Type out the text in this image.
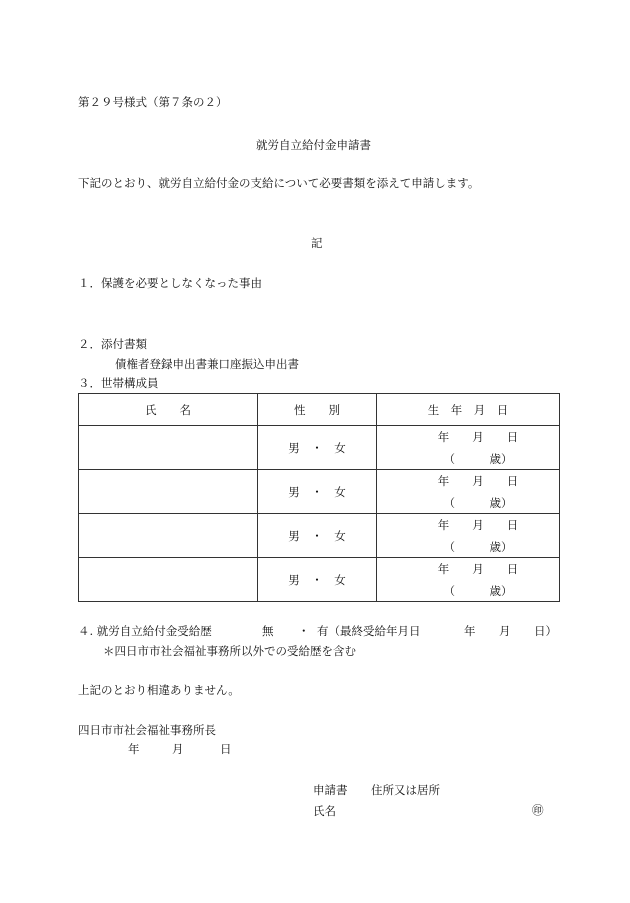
第２９号様式（第７条の２）
就労自立給付金申請書
下記のとおり、就労自立給付金の支給について必要書類を添えて申請します。
記
１．保護を必要としなくなった事由
２．添付書類
債権者登録申出書兼口座振込申出書
３．世帯構成員
氏　　名	性　　別	生　年　月　日
	男　・　女	年　　月　　日
（　　　歳）

	男　・　女	年　　月　　日
（　　　歳）

	男　・　女	年　　月　　日
（　　　歳）

	男　・　女	年　　月　　日
（　　　歳）
４. 就労自立給付金受給歴	無 ・ 有（最終受給年月日	年 月 日）
＊四日市市社会福祉事務所以外での受給歴を含む
上記のとおり相違ありません。
四日市市社会福祉事務所長
年	月	日
申請書 住所又は居所
氏名	㊞
